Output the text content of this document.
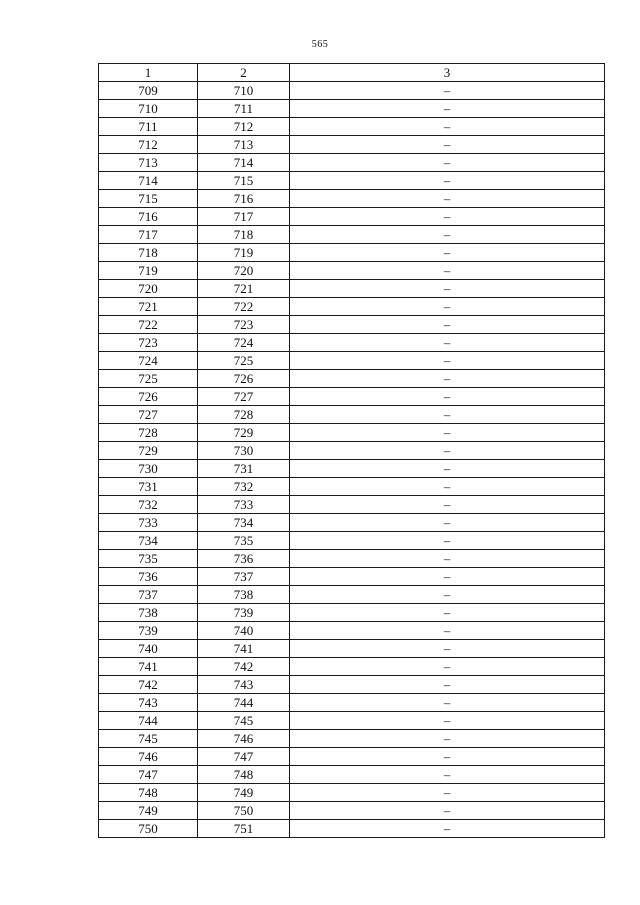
565
1	2	3
709	710	–
710	711	–
711	712	–
712	713	–
713	714	–
714	715	–
715	716	–
716	717	–
717	718	–
718	719	–
719	720	–
720	721	–
721	722	–
722	723	–
723	724	–
724	725	–
725	726	–
726	727	–
727	728	–
728	729	–
729	730	–
730	731	–
731	732	–
732	733	–
733	734	–
734	735	–
735	736	–
736	737	–
737	738	–
738	739	–
739	740	–
740	741	–
741	742	–
742	743	–
743	744	–
744	745	–
745	746	–
746	747	–
747	748	–
748	749	–
749	750	–
750	751	–
